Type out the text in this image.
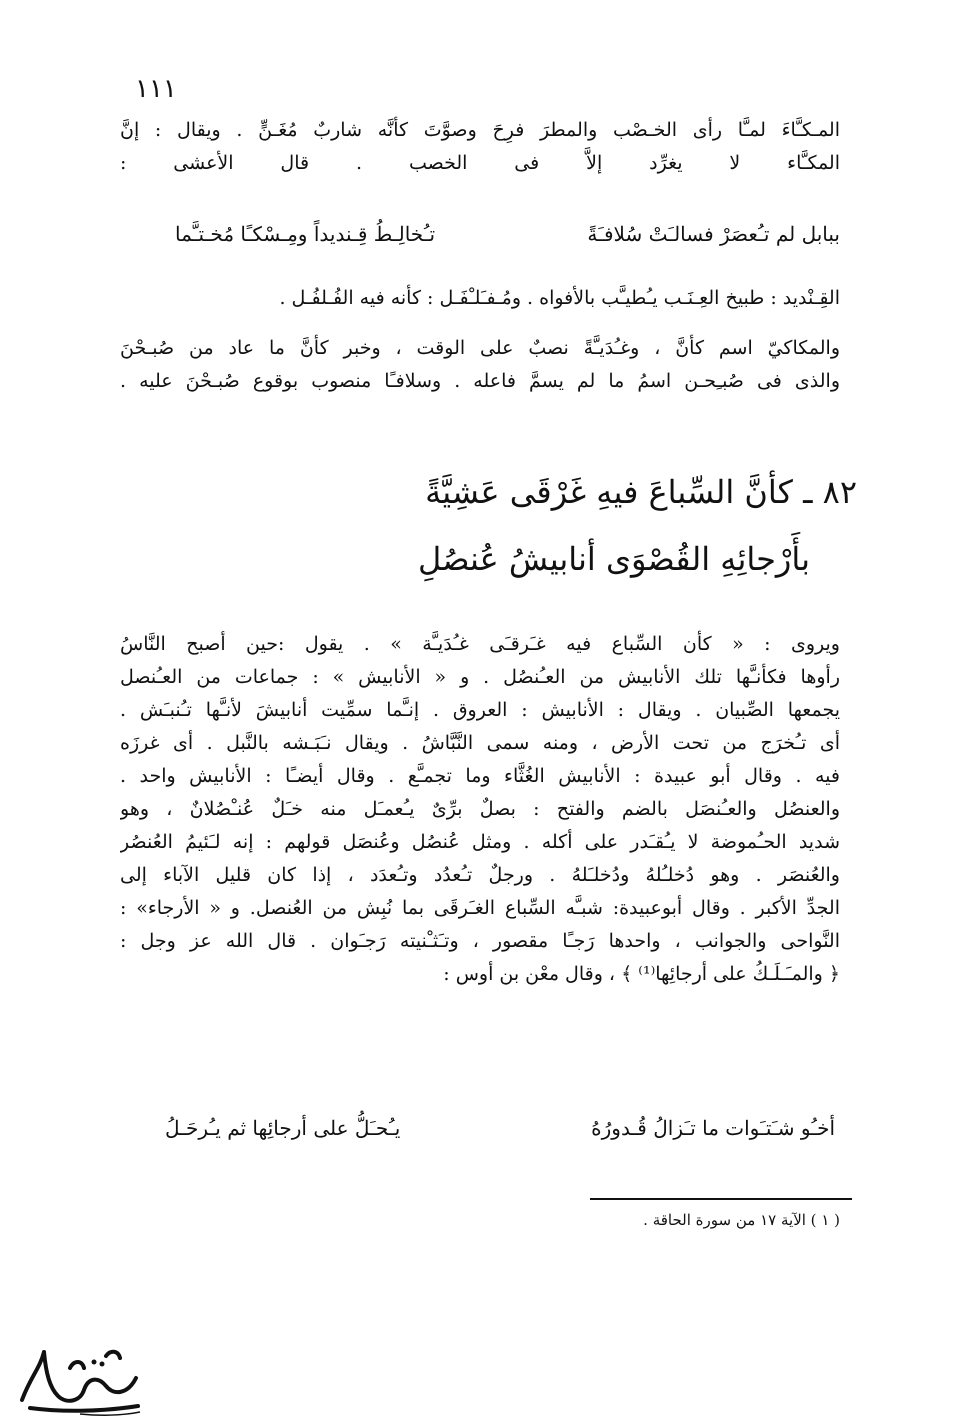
١١١
المـكـَّاءَ لمـَّا رأى الخـصْب والمطرَ فرِحَ وصوَّتَ كأنَّه شاربٌ مُغَـنٍّ . ويقال : إنَّ
المكـَّاء لا يغرِّد إلاَّ فى الخصب . قال الأعشى :
ببابل لم تـُعصَرْ فسالـَتْ سُلافـَةً
تـُخالِـطُ قِـنديداً ومِـسْكـًا مُخـتـَّما
القِـنْديد : طبيخ العِـنَـب يـُطيـَّب بالأفواه . ومُـفـَلـْفَـل : كأنه فيه الفُـلفُـل .
والمكاكيّ اسم كأنَّ ، وغـُدَيـَّةً نصبٌ على الوقت ، وخبر كأنَّ ما عاد من صُبـحْنَ
والذى فى صُبـِحـن اسمُ ما لم يسمَّ فاعله . وسلافـًا منصوب بوقوع صُبـحْنَ عليه .
٨٢ ـ كأنَّ السِّباعَ فيهِ غَرْقَى عَشِيَّةً
بأَرْجائِهِ القُصْوَى أنابيشُ عُنصُلِ
ويروى : « كأن السِّباع فيه غـَرقـَى غـُدَيـَّة » . يقول :حين أصبح النَّاسُ
رأوها فكأنـَّها تلك الأنابيش من العـُنصُل . و « الأنابيش » : جماعات من العـُنصل
يجمعها الصِّبيان . ويقال : الأنابيش : العروق . إنـَّما سمِّيت أنابيشَ لأنـَّها تـُنبـَش .
أى تـُخرَج من تحت الأرض ، ومنه سمى النَّبَّاشُ . ويقال نـَبَـشه بالنَّبل . أى غرزَه
فيه . وقال أبو عبيدة : الأنابيش الغُثَّاء وما تجمـَّع . وقال أيضـًا : الأنابيش واحد .
والعنصُل والعـُنصَل بالضم والفتح : بصلٌ برِّىٌ يـُعمـَل منه خـَلٌ عُنـْصُلانٌ ، وهو
شديد الحـُموضة لا يـُقـَدر على أكله . ومثل عُنصُل وعُنصَل قولهم : إنه لـَئيمُ العُنصُر
والعُنصَر . وهو دُخلـُلهُ ودُخلـَلهُ . ورجلٌ تـُعدُد وتـُعدَد ، إذا كان قليل الآباء إلى
الجدِّ الأكبر . وقال أبوعبيدة: شبـَّه السِّباع الغـَرقَى بما نُبِش من العُنصل. و « الأرجاء» :
النَّواحى والجوانب ، واحدها رَجـًا مقصور ، وتـَثـْنيته رَجـَوان . قال الله عز وجل :
﴿ والمـَـلَـكُ على أرجائِها⁽¹⁾ ﴾ ، وقال معْن بن أوس :
أخـُو شـَتـَوات ما تـَزالُ قُـدورُهُ
يـُحـَلُّ على أرجائِها ثم يـُرحَـلُ
( ١ ) الآية ١٧ من سورة الحاقة .
